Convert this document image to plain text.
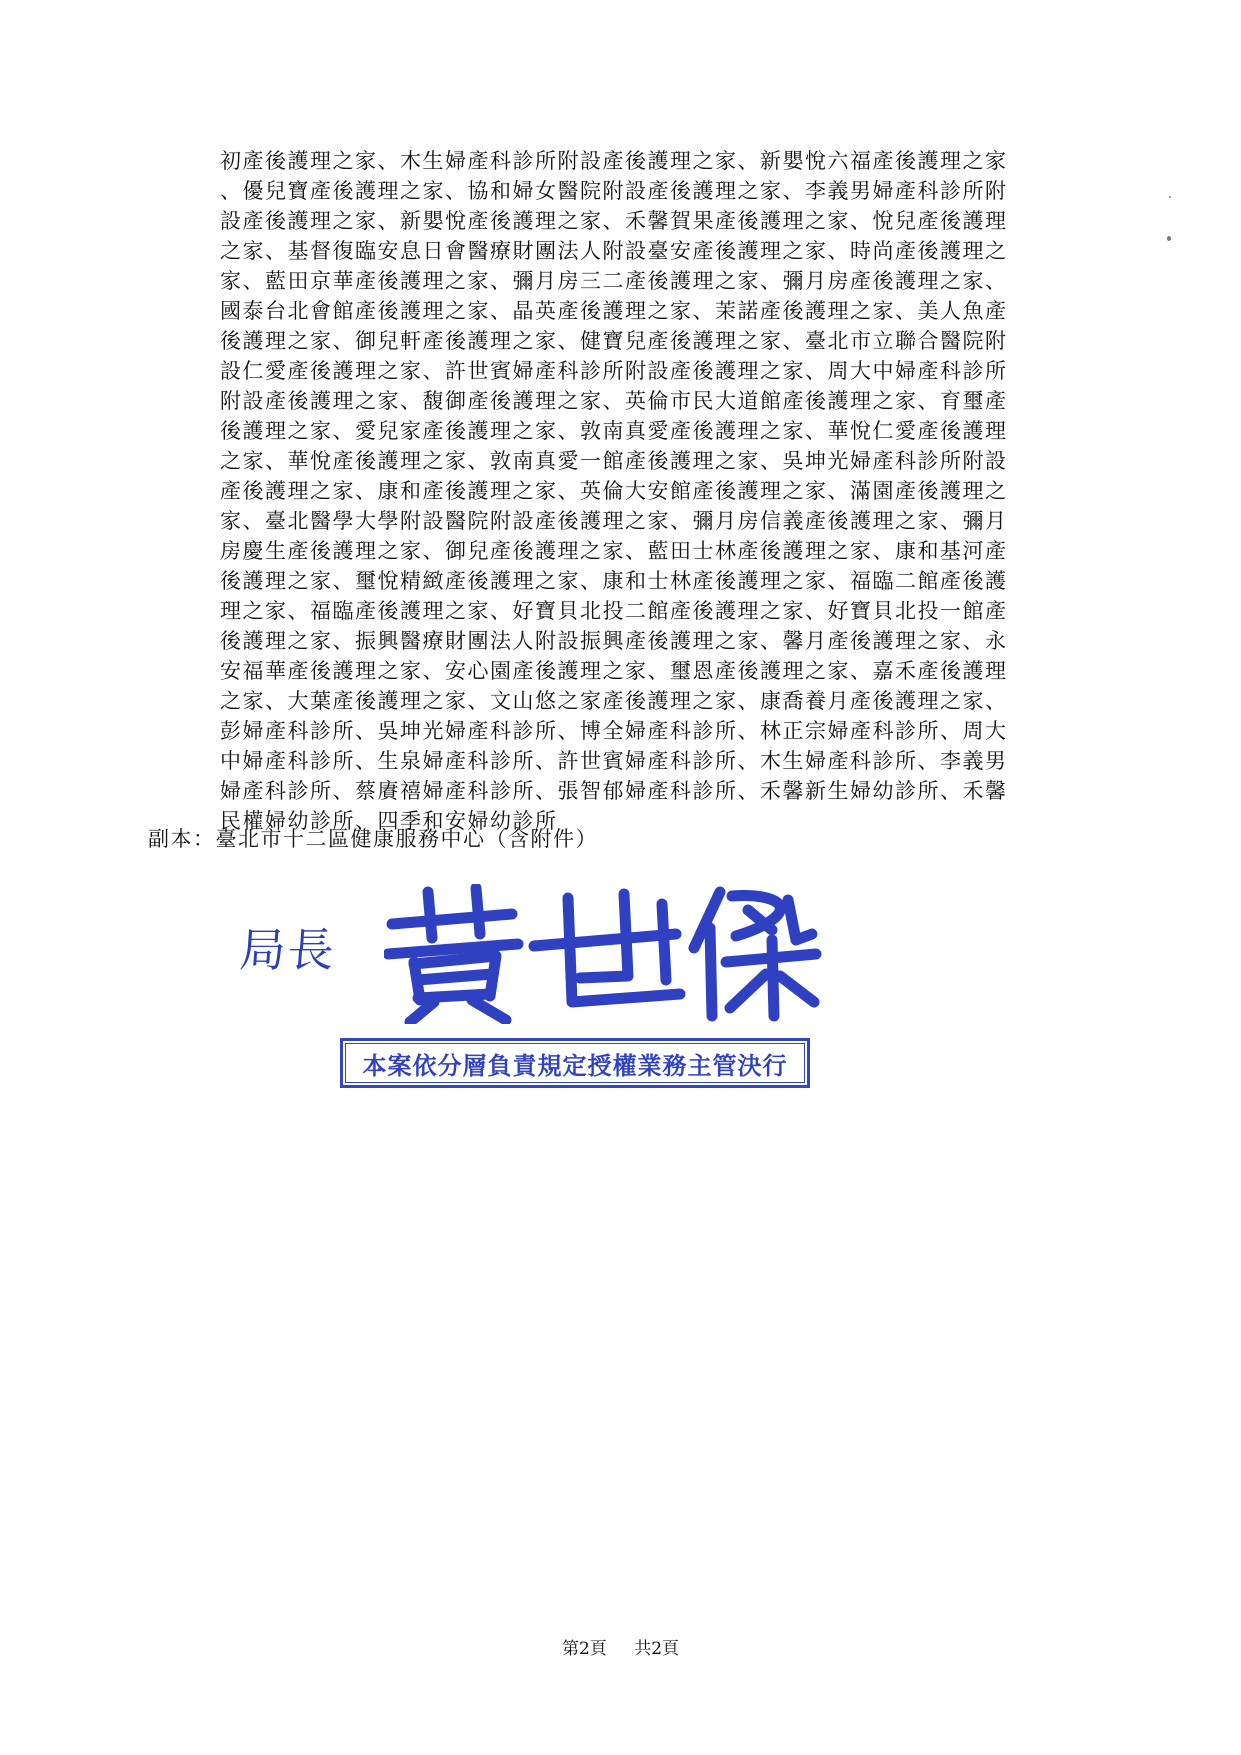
初產後護理之家、木生婦產科診所附設產後護理之家、新嬰悅六福產後護理之家
、優兒寶產後護理之家、協和婦女醫院附設產後護理之家、李義男婦產科診所附
設產後護理之家、新嬰悅產後護理之家、禾馨賀果產後護理之家、悅兒產後護理
之家、基督復臨安息日會醫療財團法人附設臺安產後護理之家、時尚產後護理之
家、藍田京華產後護理之家、彌月房三二產後護理之家、彌月房產後護理之家、
國泰台北會館產後護理之家、晶英產後護理之家、茉諾產後護理之家、美人魚產
後護理之家、御兒軒產後護理之家、健寶兒產後護理之家、臺北市立聯合醫院附
設仁愛產後護理之家、許世賓婦產科診所附設產後護理之家、周大中婦產科診所
附設產後護理之家、馥御產後護理之家、英倫市民大道館產後護理之家、育璽產
後護理之家、愛兒家產後護理之家、敦南真愛產後護理之家、華悅仁愛產後護理
之家、華悅產後護理之家、敦南真愛一館產後護理之家、吳坤光婦產科診所附設
產後護理之家、康和產後護理之家、英倫大安館產後護理之家、滿園產後護理之
家、臺北醫學大學附設醫院附設產後護理之家、彌月房信義產後護理之家、彌月
房慶生產後護理之家、御兒產後護理之家、藍田士林產後護理之家、康和基河產
後護理之家、璽悅精緻產後護理之家、康和士林產後護理之家、福臨二館產後護
理之家、福臨產後護理之家、好寶貝北投二館產後護理之家、好寶貝北投一館產
後護理之家、振興醫療財團法人附設振興產後護理之家、馨月產後護理之家、永
安福華產後護理之家、安心園產後護理之家、璽恩產後護理之家、嘉禾產後護理
之家、大葉產後護理之家、文山悠之家產後護理之家、康喬養月產後護理之家、
彭婦產科診所、吳坤光婦產科診所、博全婦產科診所、林正宗婦產科診所、周大
中婦產科診所、生泉婦產科診所、許世賓婦產科診所、木生婦產科診所、李義男
婦產科診所、蔡賡禧婦產科診所、張智郁婦產科診所、禾馨新生婦幼診所、禾馨
民權婦幼診所、四季和安婦幼診所
副本：臺北市十二區健康服務中心（含附件）
局長
本案依分層負責規定授權業務主管決行
第2頁 共2頁
